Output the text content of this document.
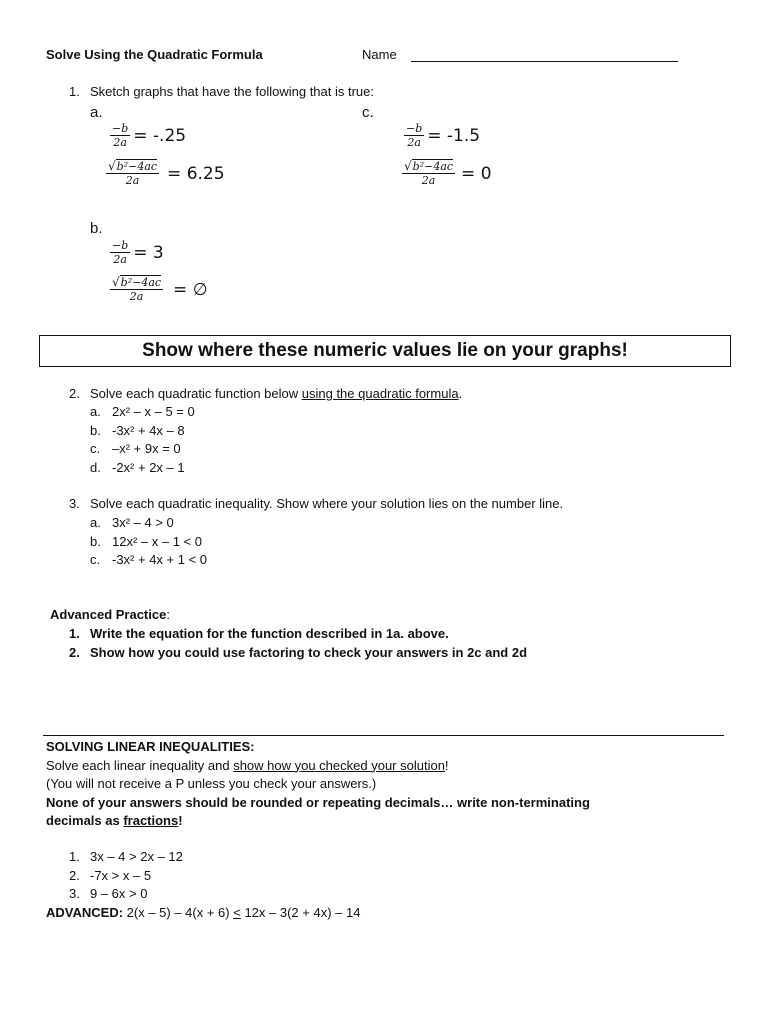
Solve Using the Quadratic Formula	Name
1. Sketch graphs that have the following that is true:
a.
$\frac{-b}{2a} = -.25$
$\frac{\text{√b²−4ac}}{2a} = 6.25$
c.
$\frac{-b}{2a} = -1.5$
$\frac{\text{√b²−4ac}}{2a} = 0$
b.
$\frac{-b}{2a} = 3$
$\frac{\text{√b²−4ac}}{2a}$ = ∅
Show where these numeric values lie on your graphs!
2. Solve each quadratic function below using the quadratic formula.
a. 2x² – x – 5 = 0
b. -3x² + 4x – 8
c. –x² + 9x = 0
d. -2x² + 2x – 1
3. Solve each quadratic inequality. Show where your solution lies on the number line.
a. 3x² – 4 > 0
b. 12x² – x – 1 < 0
c. -3x² + 4x + 1 < 0
Advanced Practice:
1. Write the equation for the function described in 1a. above.
2. Show how you could use factoring to check your answers in 2c and 2d
SOLVING LINEAR INEQUALITIES:
Solve each linear inequality and show how you checked your solution!
(You will not receive a P unless you check your answers.)
None of your answers should be rounded or repeating decimals… write non-terminating
decimals as fractions!
1. 3x – 4 > 2x – 12
2. -7x > x – 5
3. 9 – 6x > 0
ADVANCED: 2(x – 5) – 4(x + 6) ≤ 12x – 3(2 + 4x) – 14
